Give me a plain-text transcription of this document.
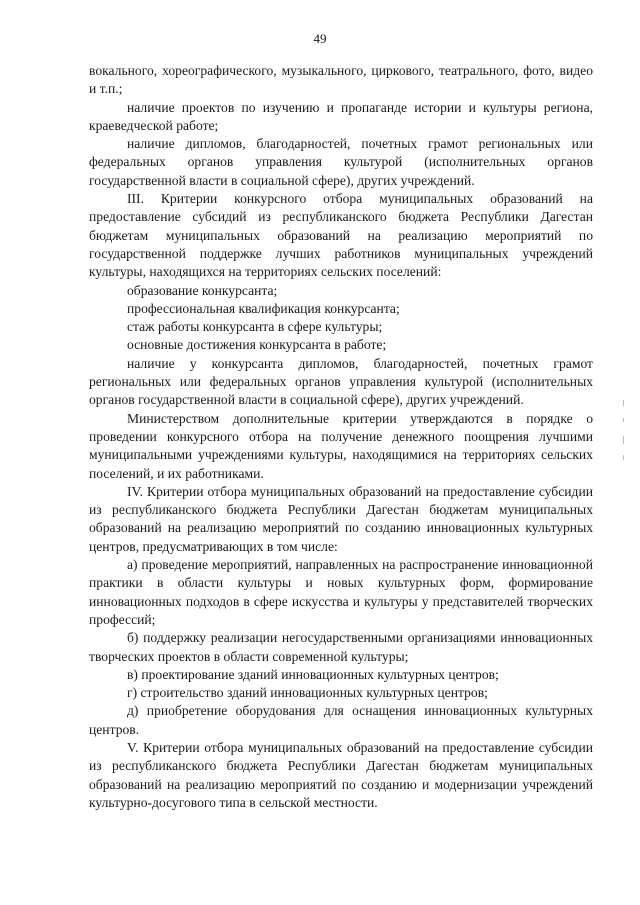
49

вокального, хореографического, музыкального, циркового, театрального, фото, видео и т.п.;

наличие проектов по изучению и пропаганде истории и культуры региона, краеведческой работе;

наличие дипломов, благодарностей, почетных грамот региональных или федеральных органов управления культурой (исполнительных органов государственной власти в социальной сфере), других учреждений.

III. Критерии конкурсного отбора муниципальных образований на предоставление субсидий из республиканского бюджета Республики Дагестан бюджетам муниципальных образований на реализацию мероприятий по государственной поддержке лучших работников муниципальных учреждений культуры, находящихся на территориях сельских поселений:

образование конкурсанта;

профессиональная квалификация конкурсанта;

стаж работы конкурсанта в сфере культуры;

основные достижения конкурсанта в работе;

наличие у конкурсанта дипломов, благодарностей, почетных грамот региональных или федеральных органов управления культурой (исполнительных органов государственной власти в социальной сфере), других учреждений.

Министерством дополнительные критерии утверждаются в порядке о проведении конкурсного отбора на получение денежного поощрения лучшими муниципальными учреждениями культуры, находящимися на территориях сельских поселений, и их работниками.

IV. Критерии отбора муниципальных образований на предоставление субсидии из республиканского бюджета Республики Дагестан бюджетам муниципальных образований на реализацию мероприятий по созданию инновационных культурных центров, предусматривающих в том числе:

а) проведение мероприятий, направленных на распространение инновационной практики в области культуры и новых культурных форм, формирование инновационных подходов в сфере искусства и культуры у представителей творческих профессий;

б) поддержку реализации негосударственными организациями инновационных творческих проектов в области современной культуры;

в) проектирование зданий инновационных культурных центров;

г) строительство зданий инновационных культурных центров;

д) приобретение оборудования для оснащения инновационных культурных центров.

V. Критерии отбора муниципальных образований на предоставление субсидии из республиканского бюджета Республики Дагестан бюджетам муниципальных образований на реализацию мероприятий по созданию и модернизации учреждений культурно-досугового типа в сельской местности.
